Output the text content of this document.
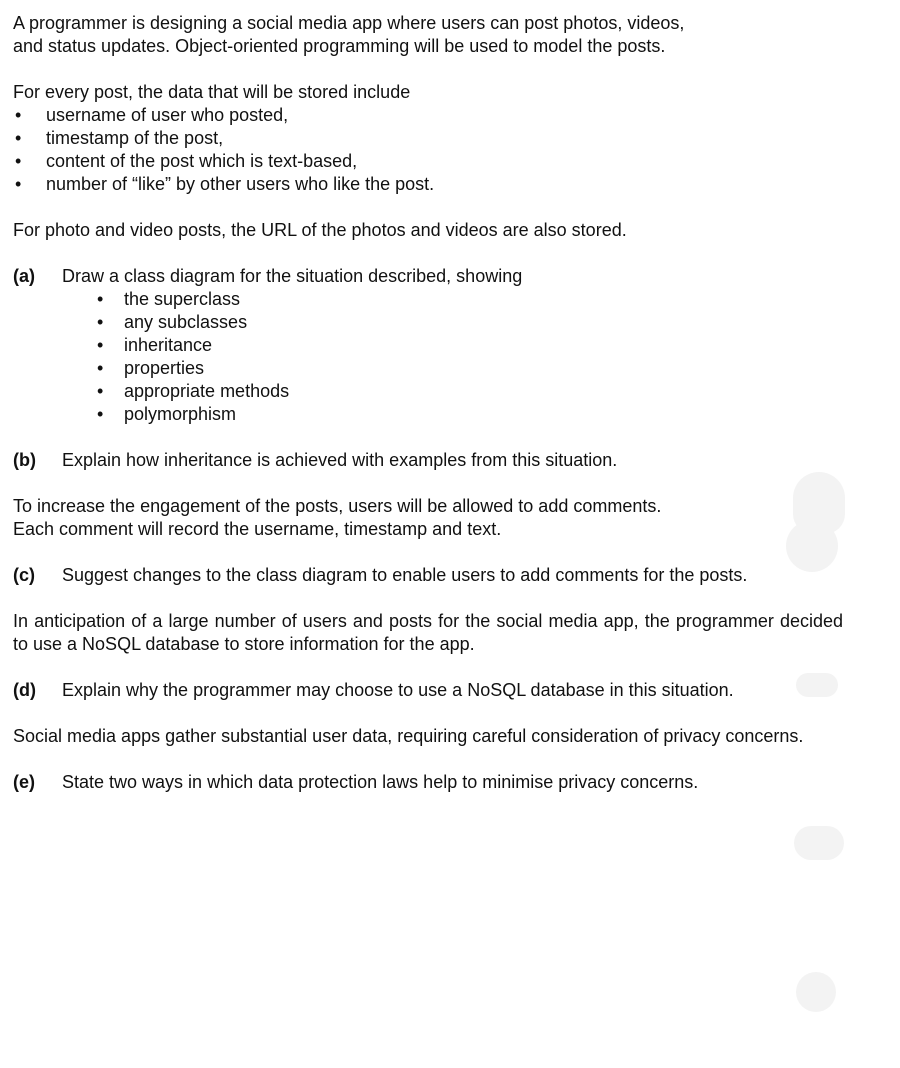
A programmer is designing a social media app where users can post photos, videos,

and status updates. Object-oriented programming will be used to model the posts.

For every post, the data that will be stored include

• username of user who posted,
• timestamp of the post,
• content of the post which is text-based,
• number of “like” by other users who like the post.

For photo and video posts, the URL of the photos and videos are also stored.

(a) Draw a class diagram for the situation described, showing

• the superclass
• any subclasses
• inheritance
• properties
• appropriate methods
• polymorphism
(b) Explain how inheritance is achieved with examples from this situation.

To increase the engagement of the posts, users will be allowed to add comments.

Each comment will record the username, timestamp and text.

(c) Suggest changes to the class diagram to enable users to add comments for the posts.

In anticipation of a large number of users and posts for the social media app, the programmer decided to use a NoSQL database to store information for the app.

(d) Explain why the programmer may choose to use a NoSQL database in this situation.

Social media apps gather substantial user data, requiring careful consideration of privacy concerns.

(e) State two ways in which data protection laws help to minimise privacy concerns.
